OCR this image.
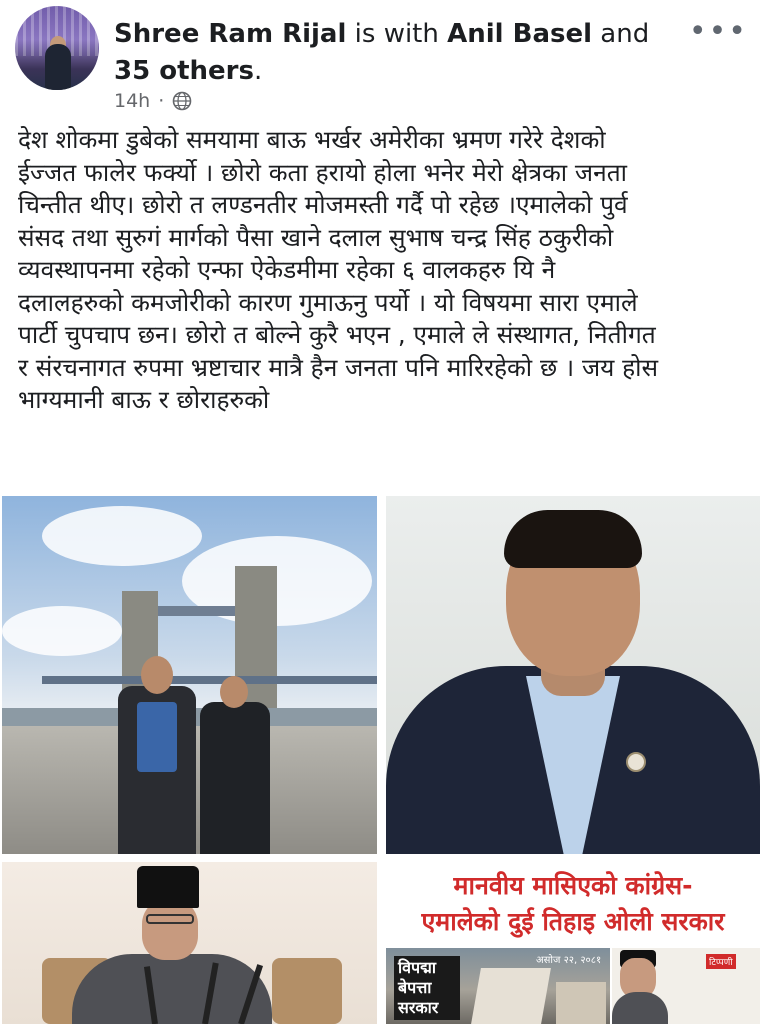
Shree Ram Rijal is with Anil Basel and 35 others.
14h ·
•••
देश शोकमा डुबेको समयामा बाऊ भर्खर अमेरीका भ्रमण गरेरे देशको
ईज्जत फालेर फर्क्यो । छोरो कता हरायो होला भनेर मेरो क्षेत्रका जनता
चिन्तीत थीए। छोरो त लण्डनतीर मोजमस्ती गर्दै पो रहेछ ।एमालेको पुर्व
संसद तथा सुरुगं मार्गको पैसा खाने दलाल सुभाष चन्द्र सिंह ठकुरीको
व्यवस्थापनमा रहेको एन्फा ऐकेडमीमा रहेका ६ वालकहरु यि नै
दलालहरुको कमजोरीको कारण गुमाऊनु पर्यो । यो विषयमा सारा एमाले
पार्टी चुपचाप छन। छोरो त बोल्ने कुरै भएन , एमाले ले संस्थागत, नितीगत
र संरचनागत रुपमा भ्रष्टाचार मात्रै हैन जनता पनि मारिरहेको छ । जय होस
भाग्यमानी बाऊ र छोराहरुको
मानवीय मासिएको कांग्रेस-
एमालेको दुई तिहाइ ओली सरकार
विपद्मा
बेपत्ता
सरकार
असोज २२, २०८१	टिप्पणी
